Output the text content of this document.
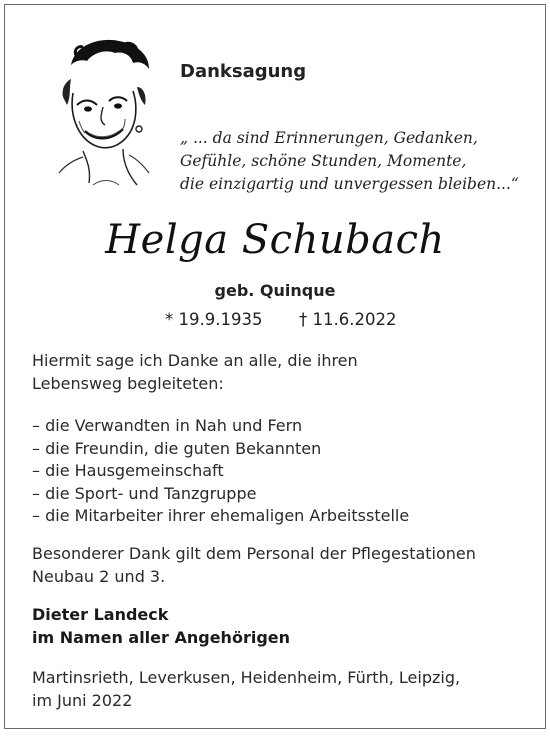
Danksagung
„ ... da sind Erinnerungen, Gedanken,
Gefühle, schöne Stunden, Momente,
die einzigartig und unvergessen bleiben...“
Helga Schubach
geb. Quinque
* 19.9.1935 † 11.6.2022
Hiermit sage ich Danke an alle, die ihren
Lebensweg begleiteten:
– die Verwandten in Nah und Fern
– die Freundin, die guten Bekannten
– die Hausgemeinschaft
– die Sport- und Tanzgruppe
– die Mitarbeiter ihrer ehemaligen Arbeitsstelle
Besonderer Dank gilt dem Personal der Pflegestationen
Neubau 2 und 3.
Dieter Landeck
im Namen aller Angehörigen
Martinsrieth, Leverkusen, Heidenheim, Fürth, Leipzig,
im Juni 2022
